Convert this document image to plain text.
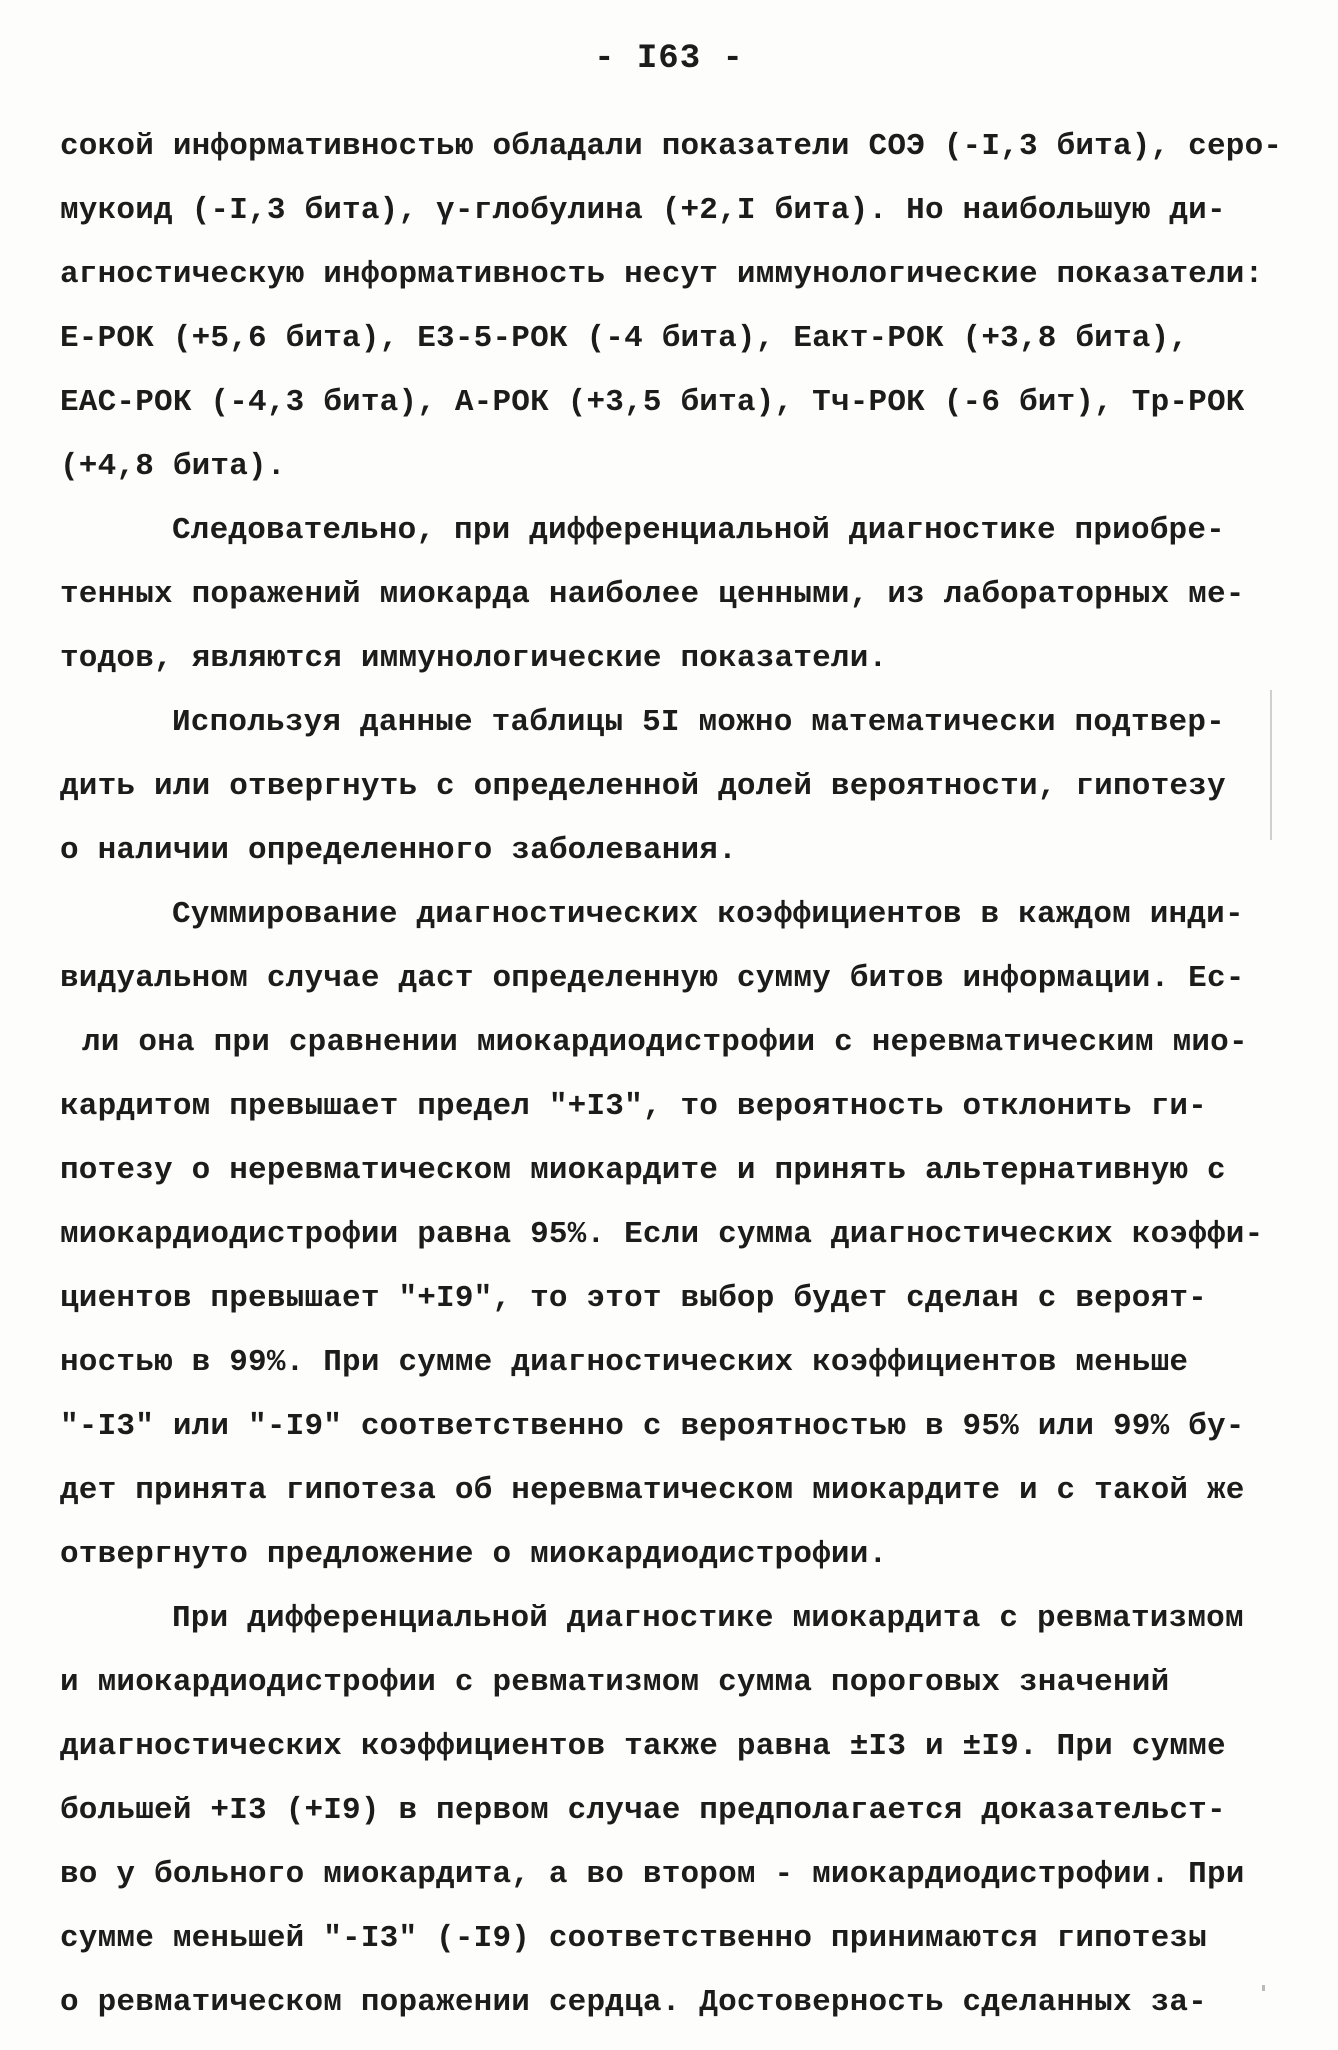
- I63 -
сокой информативностью обладали показатели СОЭ (-I,3 бита), серо-
мукоид (-I,3 бита), γ-глобулина (+2,I бита). Но наибольшую ди-
агностическую информативность несут иммунологические показатели:
Е-РОК (+5,6 бита), Е3-5-РОК (-4 бита), Еакт-РОК (+3,8 бита),
ЕАС-РОК (-4,3 бита), А-РОК (+3,5 бита), Тч-РОК (-6 бит), Тр-РОК
(+4,8 бита).
Следовательно, при дифференциальной диагностике приобре-
тенных поражений миокарда наиболее ценными, из лабораторных ме-
тодов, являются иммунологические показатели.
Используя данные таблицы 5I можно математически подтвер-
дить или отвергнуть с определенной долей вероятности, гипотезу
о наличии определенного заболевания.
Суммирование диагностических коэффициентов в каждом инди-
видуальном случае даст определенную сумму битов информации. Ес-
ли она при сравнении миокардиодистрофии с неревматическим мио-
кардитом превышает предел "+I3", то вероятность отклонить ги-
потезу о неревматическом миокардите и принять альтернативную с
миокардиодистрофии равна 95%. Если сумма диагностических коэффи-
циентов превышает "+I9", то этот выбор будет сделан с вероят-
ностью в 99%. При сумме диагностических коэффициентов меньше
"-I3" или "-I9" соответственно с вероятностью в 95% или 99% бу-
дет принята гипотеза об неревматическом миокардите и с такой же
отвергнуто предложение о миокардиодистрофии.
При дифференциальной диагностике миокардита с ревматизмом
и миокардиодистрофии с ревматизмом сумма пороговых значений
диагностических коэффициентов также равна ±I3 и ±I9. При сумме
большей +I3 (+I9) в первом случае предполагается доказательст-
во у больного миокардита, а во втором - миокардиодистрофии. При
сумме меньшей "-I3" (-I9) соответственно принимаются гипотезы
о ревматическом поражении сердца. Достоверность сделанных за-
